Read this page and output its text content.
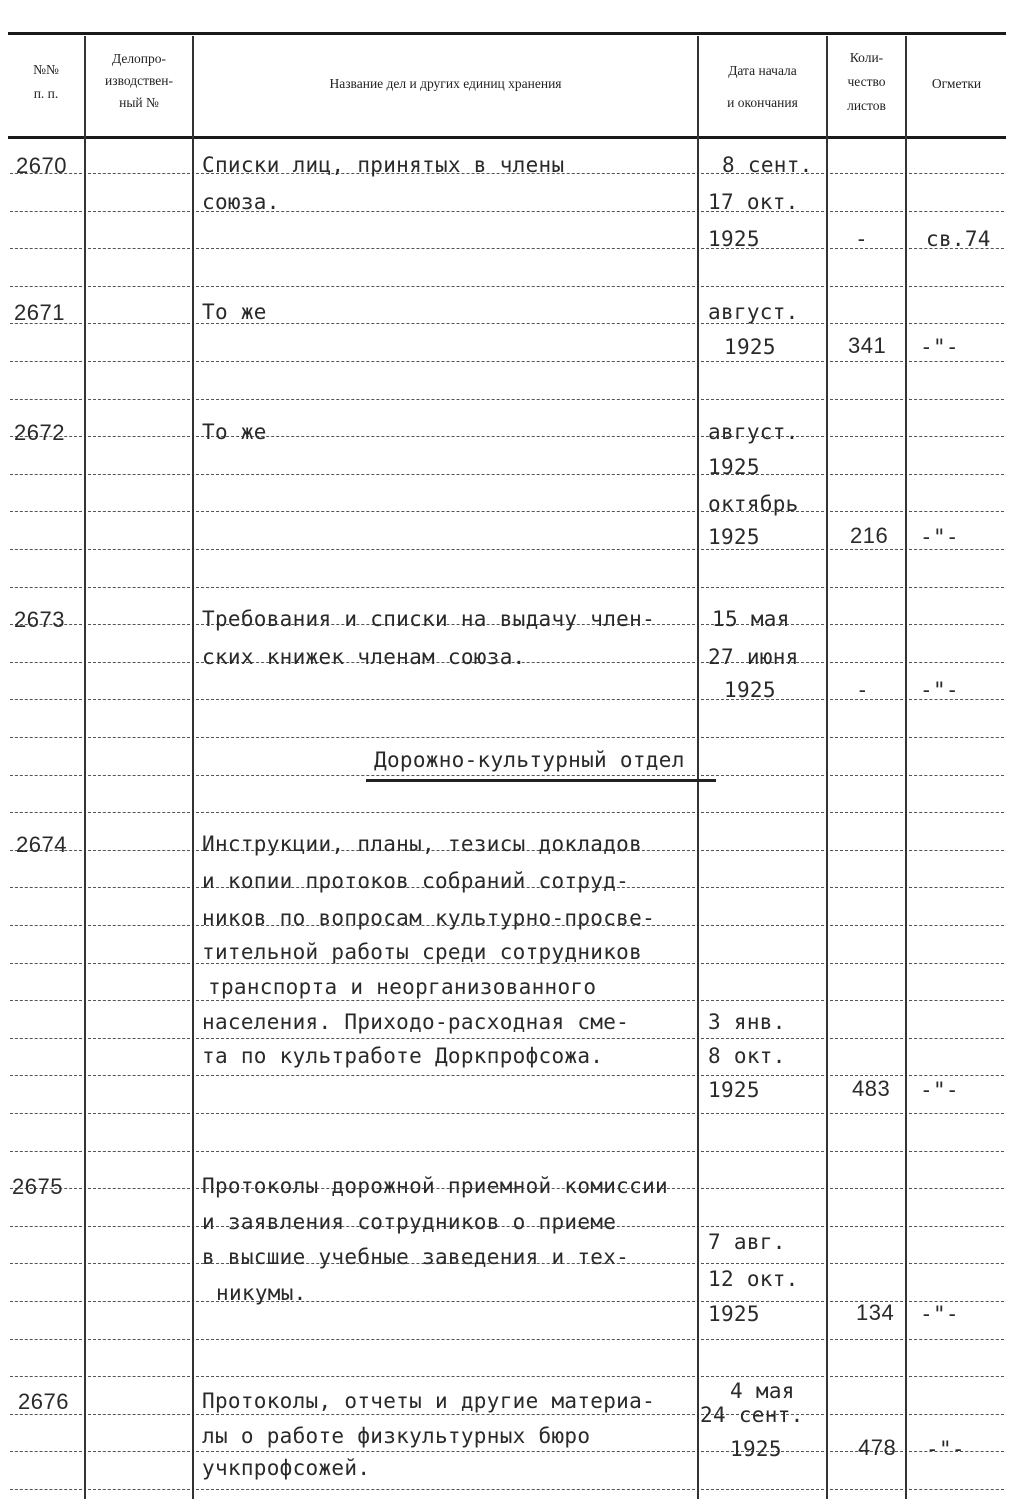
№№
п. п.
Делопро-
изводствен-
ный №
Название дел и других единиц хранения
Дата начала
и окончания
Коли-
чество
листов
Огметки
2670	Списки лиц, принятых в члены
союза.
8 сент.
17 окт.
1925	-	св.74
2671	То же	август.
1925	341 -"-
2672	То же	август.
1925
октябрь
1925	216 -"-
2673	Требования и списки на выдачу член-
ских книжек членам союза.
15 мая
27 июня
1925	- -"-
Дорожно-культурный отдел
2674	Инструкции, планы, тезисы докладов
и копии протоков собраний сотруд-
ников по вопросам культурно-просве-
тительной работы среди сотрудников
транспорта и неорганизованного
населения. Приходо-расходная сме-
та по культработе Доркпрофсожа.
3 янв.
8 окт.
1925	483 -"-
2675	Протоколы дорожной приемной комиссии
и заявления сотрудников о приеме
в высшие учебные заведения и тех-
никумы.
7 авг.
12 окт.
1925	134 -"-
2676	Протоколы, отчеты и другие материа-
лы о работе физкультурных бюро
учкпрофсожей.
4 мая
24 сент.
1925	478 -"-
